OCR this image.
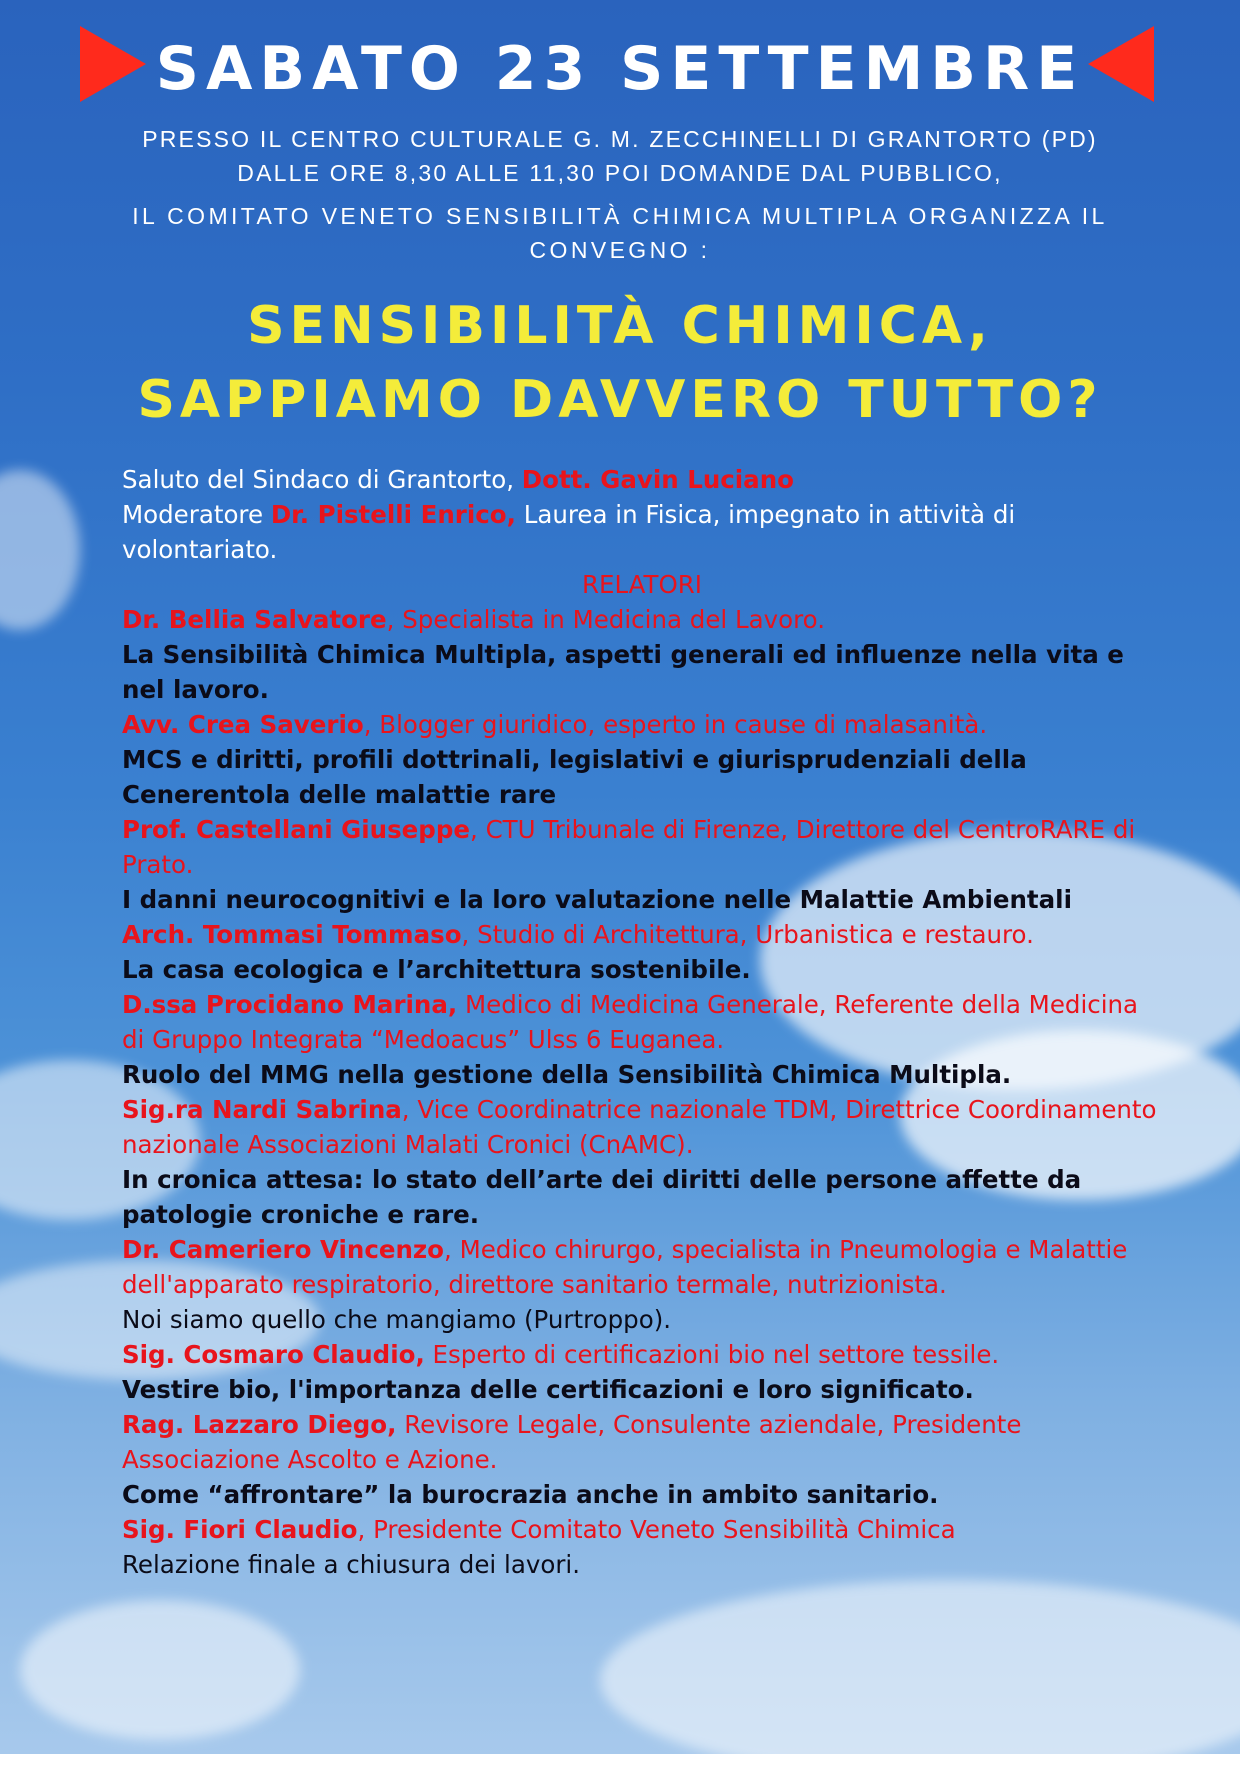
SABATO 23 SETTEMBRE
PRESSO IL CENTRO CULTURALE G. M. ZECCHINELLI DI GRANTORTO (PD)
DALLE ORE 8,30 ALLE 11,30 POI DOMANDE DAL PUBBLICO,
IL COMITATO VENETO SENSIBILITÀ CHIMICA MULTIPLA ORGANIZZA IL
CONVEGNO :
SENSIBILITÀ CHIMICA,
SAPPIAMO DAVVERO TUTTO?

Saluto del Sindaco di Grantorto, Dott. Gavin Luciano

Moderatore Dr. Pistelli Enrico, Laurea in Fisica, impegnato in attività di volontariato.

RELATORI

Dr. Bellia Salvatore, Specialista in Medicina del Lavoro.

La Sensibilità Chimica Multipla, aspetti generali ed influenze nella vita e nel lavoro.

Avv. Crea Saverio, Blogger giuridico, esperto in cause di malasanità.

MCS e diritti, profili dottrinali, legislativi e giurisprudenziali della Cenerentola delle malattie rare

Prof. Castellani Giuseppe, CTU Tribunale di Firenze, Direttore del CentroRARE di Prato.

I danni neurocognitivi e la loro valutazione nelle Malattie Ambientali

Arch. Tommasi Tommaso, Studio di Architettura, Urbanistica e restauro.

La casa ecologica e l’architettura sostenibile.

D.ssa Procidano Marina, Medico di Medicina Generale, Referente della Medicina di Gruppo Integrata “Medoacus” Ulss 6 Euganea.

Ruolo del MMG nella gestione della Sensibilità Chimica Multipla.

Sig.ra Nardi Sabrina, Vice Coordinatrice nazionale TDM, Direttrice Coordinamento nazionale Associazioni Malati Cronici (CnAMC).

In cronica attesa: lo stato dell’arte dei diritti delle persone affette da patologie croniche e rare.

Dr. Cameriero Vincenzo, Medico chirurgo, specialista in Pneumologia e Malattie dell'apparato respiratorio, direttore sanitario termale, nutrizionista.

Noi siamo quello che mangiamo (Purtroppo).

Sig. Cosmaro Claudio, Esperto di certificazioni bio nel settore tessile.

Vestire bio, l'importanza delle certificazioni e loro significato.

Rag. Lazzaro Diego, Revisore Legale, Consulente aziendale, Presidente Associazione Ascolto e Azione.

Come “affrontare” la burocrazia anche in ambito sanitario.

Sig. Fiori Claudio, Presidente Comitato Veneto Sensibilità Chimica

Relazione finale a chiusura dei lavori.
